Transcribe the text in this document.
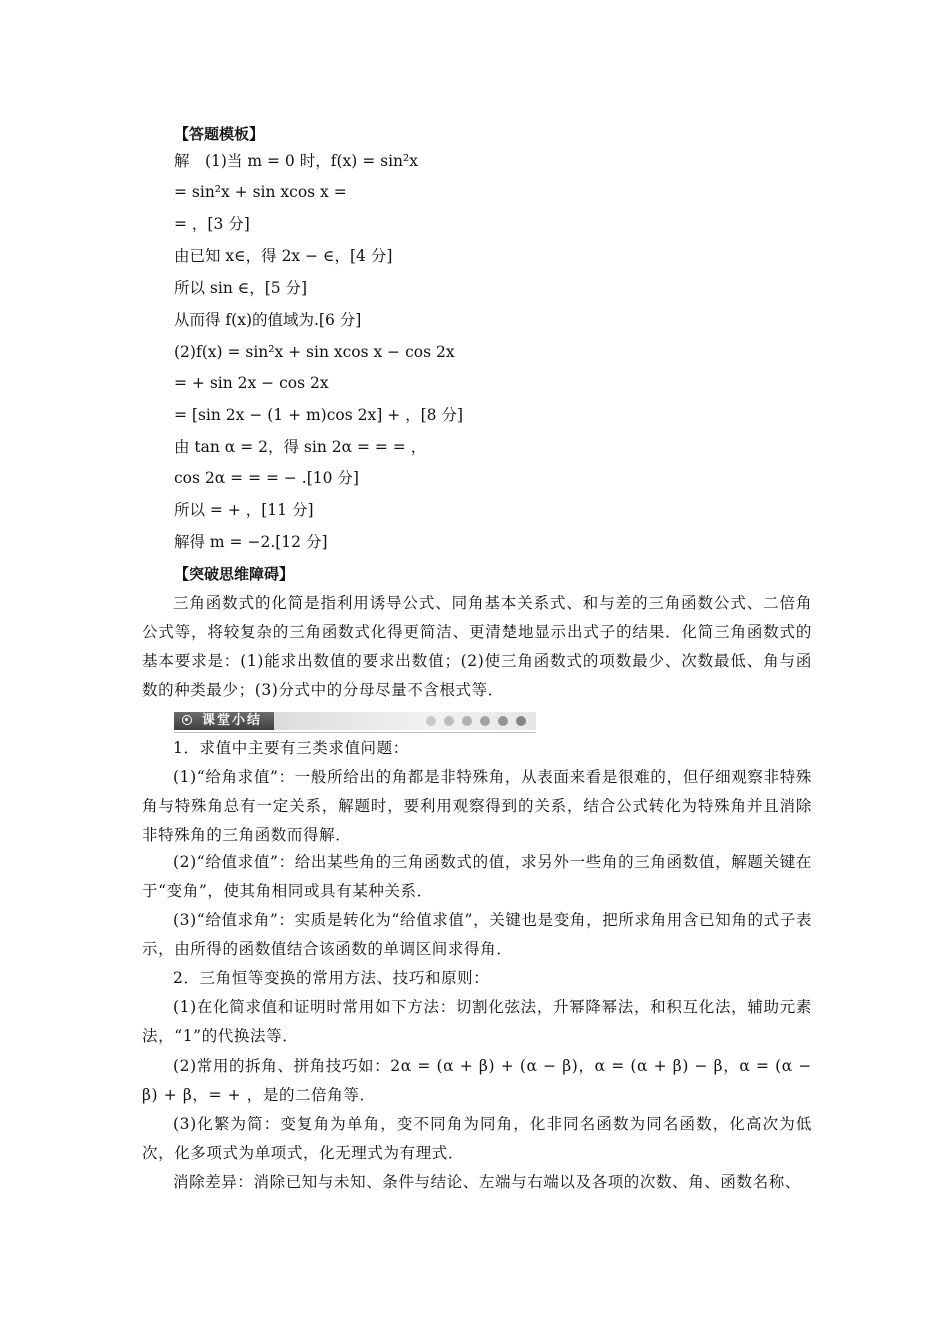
【答题模板】
解　(1)当 m = 0 时，f(x) = sin²x
= sin²x + sin xcos x =
= ，[3 分]
由已知 x∈，得 2x − ∈，[4 分]
所以 sin ∈，[5 分]
从而得 f(x)的值域为.[6 分]
(2)f(x) = sin²x + sin xcos x − cos 2x
= + sin 2x − cos 2x
= [sin 2x − (1 + m)cos 2x] + ，[8 分]
由 tan α = 2，得 sin 2α = = = ，
cos 2α = = = − .[10 分]
所以 = + ，[11 分]
解得 m = −2.[12 分]
【突破思维障碍】
三角函数式的化简是指利用诱导公式、同角基本关系式、和与差的三角函数公式、二倍角公式等，将较复杂的三角函数式化得更简洁、更清楚地显示出式子的结果．化简三角函数式的基本要求是：(1)能求出数值的要求出数值；(2)使三角函数式的项数最少、次数最低、角与函数的种类最少；(3)分式中的分母尽量不含根式等．
课堂小结
1．求值中主要有三类求值问题：
(1)“给角求值”：一般所给出的角都是非特殊角，从表面来看是很难的，但仔细观察非特殊角与特殊角总有一定关系，解题时，要利用观察得到的关系，结合公式转化为特殊角并且消除非特殊角的三角函数而得解．
(2)“给值求值”：给出某些角的三角函数式的值，求另外一些角的三角函数值，解题关键在于“变角”，使其角相同或具有某种关系．
(3)“给值求角”：实质是转化为“给值求值”，关键也是变角，把所求角用含已知角的式子表示，由所得的函数值结合该函数的单调区间求得角．
2．三角恒等变换的常用方法、技巧和原则：
(1)在化简求值和证明时常用如下方法：切割化弦法，升幂降幂法，和积互化法，辅助元素法，“1”的代换法等．
(2)常用的拆角、拼角技巧如：2α = (α + β) + (α − β)，α = (α + β) − β，α = (α − β) + β，= + ，是的二倍角等．
(3)化繁为简：变复角为单角，变不同角为同角，化非同名函数为同名函数，化高次为低次，化多项式为单项式，化无理式为有理式．
消除差异：消除已知与未知、条件与结论、左端与右端以及各项的次数、角、函数名称、
